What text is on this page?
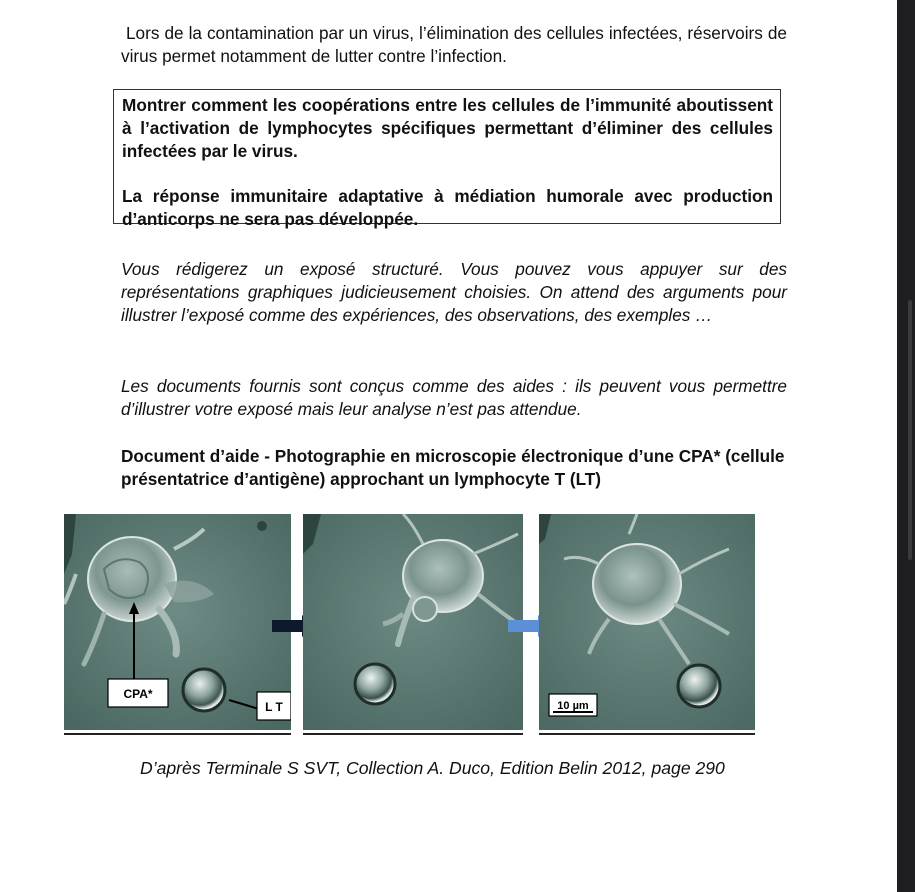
Lors de la contamination par un virus, l’élimination des cellules infectées, réservoirs de virus permet notamment de lutter contre l’infection.

Montrer comment les coopérations entre les cellules de l’immunité aboutissent à l’activation de lymphocytes spécifiques permettant d’éliminer des cellules infectées par le virus.

La réponse immunitaire adaptative à médiation humorale avec production d’anticorps ne sera pas développée.

Vous rédigerez un exposé structuré. Vous pouvez vous appuyer sur des représentations graphiques judicieusement choisies. On attend des arguments pour illustrer l’exposé comme des expériences, des observations, des exemples …

Les documents fournis sont conçus comme des aides : ils peuvent vous permettre d’illustrer votre exposé mais leur analyse n’est pas attendue.

Document d’aide - Photographie en microscopie électronique d’une CPA* (cellule présentatrice d’antigène) approchant un lymphocyte T (LT)

CPA*
L T	10 µm

D’après Terminale S SVT, Collection A. Duco, Edition Belin 2012, page 290
